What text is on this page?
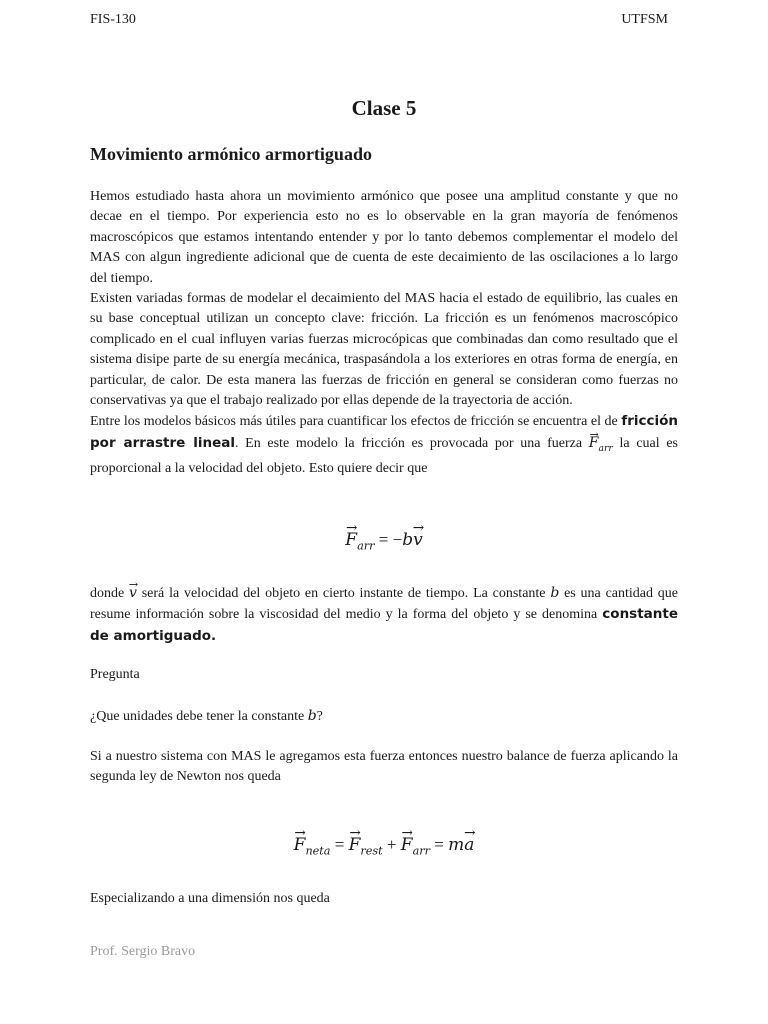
FIS-130	UTFSM
Clase 5
Movimiento armónico armortiguado
Hemos estudiado hasta ahora un movimiento armónico que posee una amplitud constante y que no decae en el tiempo. Por experiencia esto no es lo observable en la gran mayoría de fenómenos macroscópicos que estamos intentando entender y por lo tanto debemos complementar el modelo del MAS con algun ingrediente adicional que de cuenta de este decaimiento de las oscilaciones a lo largo del tiempo.
Existen variadas formas de modelar el decaimiento del MAS hacia el estado de equilibrio, las cuales en su base conceptual utilizan un concepto clave: fricción. La fricción es un fenómenos macroscópico complicado en el cual influyen varias fuerzas microcópicas que combinadas dan como resultado que el sistema disipe parte de su energía mecánica, traspasándola a los exteriores en otras forma de energía, en particular, de calor. De esta manera las fuerzas de fricción en general se consideran como fuerzas no conservativas ya que el trabajo realizado por ellas depende de la trayectoria de acción.
Entre los modelos básicos más útiles para cuantificar los efectos de fricción se encuentra el de fricción por arrastre lineal. En este modelo la fricción es provocada por una fuerza → $F_{arr}$ la cual es proporcional a la velocidad del objeto. Esto quiere decir que
→ $F_{arr} = -b\to v$
donde → v será la velocidad del objeto en cierto instante de tiempo. La constante b es una cantidad que resume información sobre la viscosidad del medio y la forma del objeto y se denomina constante de amortiguado.
Pregunta
¿Que unidades debe tener la constante b?
Si a nuestro sistema con MAS le agregamos esta fuerza entonces nuestro balance de fuerza aplicando la segunda ley de Newton nos queda
→ $F_{neta}$ = → $F_{rest}$ + → $F_{arr} = m\to a$
Especializando a una dimensión nos queda
Prof. Sergio Bravo
